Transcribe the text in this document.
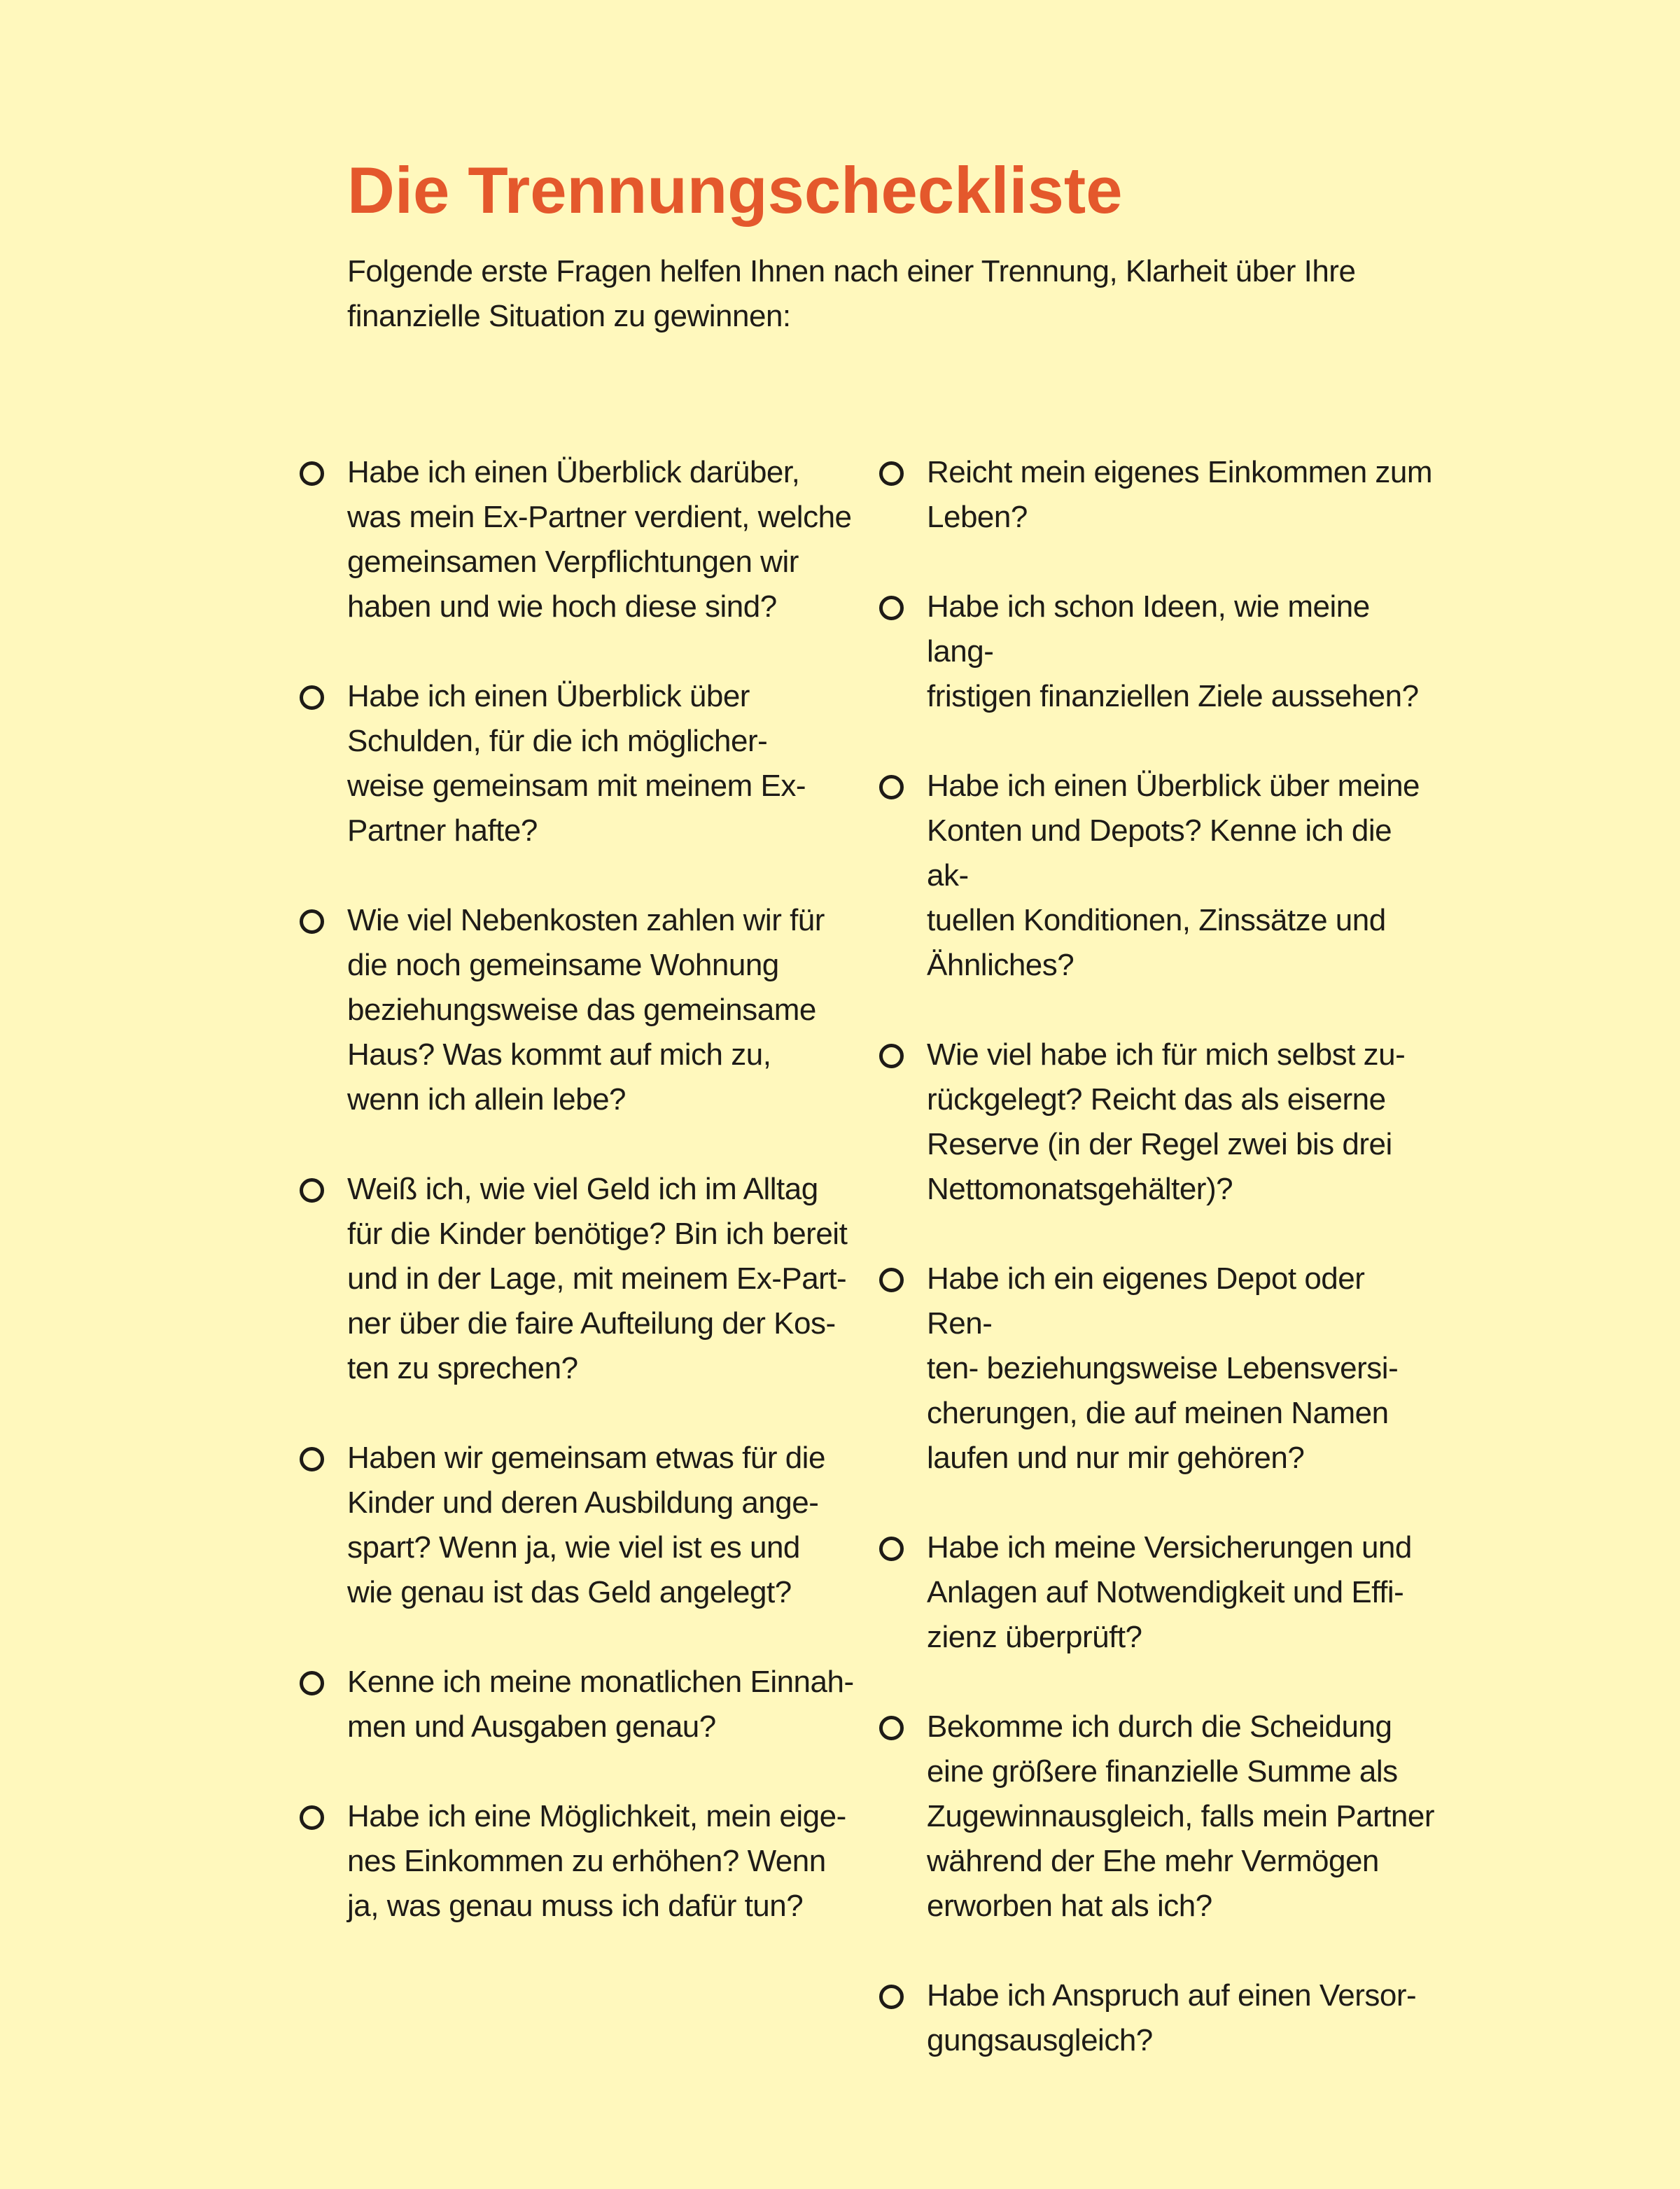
Die Trennungscheckliste

Folgende erste Fragen helfen Ihnen nach einer Trennung, Klarheit über Ihre
finanzielle Situation zu gewinnen:

Habe ich einen Überblick darüber,
was mein Ex-Partner verdient, welche
gemeinsamen Verpflichtungen wir
haben und wie hoch diese sind?
Habe ich einen Überblick über
Schulden, für die ich möglicher-
weise gemeinsam mit meinem Ex-
Partner hafte?
Wie viel Nebenkosten zahlen wir für
die noch gemeinsame Wohnung
beziehungsweise das gemeinsame
Haus? Was kommt auf mich zu,
wenn ich allein lebe?
Weiß ich, wie viel Geld ich im Alltag
für die Kinder benötige? Bin ich bereit
und in der Lage, mit meinem Ex-Part-
ner über die faire Aufteilung der Kos-
ten zu sprechen?
Haben wir gemeinsam etwas für die
Kinder und deren Ausbildung ange-
spart? Wenn ja, wie viel ist es und
wie genau ist das Geld angelegt?
Kenne ich meine monatlichen Einnah-
men und Ausgaben genau?
Habe ich eine Möglichkeit, mein eige-
nes Einkommen zu erhöhen? Wenn
ja, was genau muss ich dafür tun?
Reicht mein eigenes Einkommen zum
Leben?
Habe ich schon Ideen, wie meine lang-
fristigen finanziellen Ziele aussehen?
Habe ich einen Überblick über meine
Konten und Depots? Kenne ich die ak-
tuellen Konditionen, Zinssätze und
Ähnliches?
Wie viel habe ich für mich selbst zu-
rückgelegt? Reicht das als eiserne
Reserve (in der Regel zwei bis drei
Nettomonatsgehälter)?
Habe ich ein eigenes Depot oder Ren-
ten- beziehungsweise Lebensversi-
cherungen, die auf meinen Namen
laufen und nur mir gehören?
Habe ich meine Versicherungen und
Anlagen auf Notwendigkeit und Effi-
zienz überprüft?
Bekomme ich durch die Scheidung
eine größere finanzielle Summe als
Zugewinnausgleich, falls mein Partner
während der Ehe mehr Vermögen
erworben hat als ich?
Habe ich Anspruch auf einen Versor-
gungsausgleich?
